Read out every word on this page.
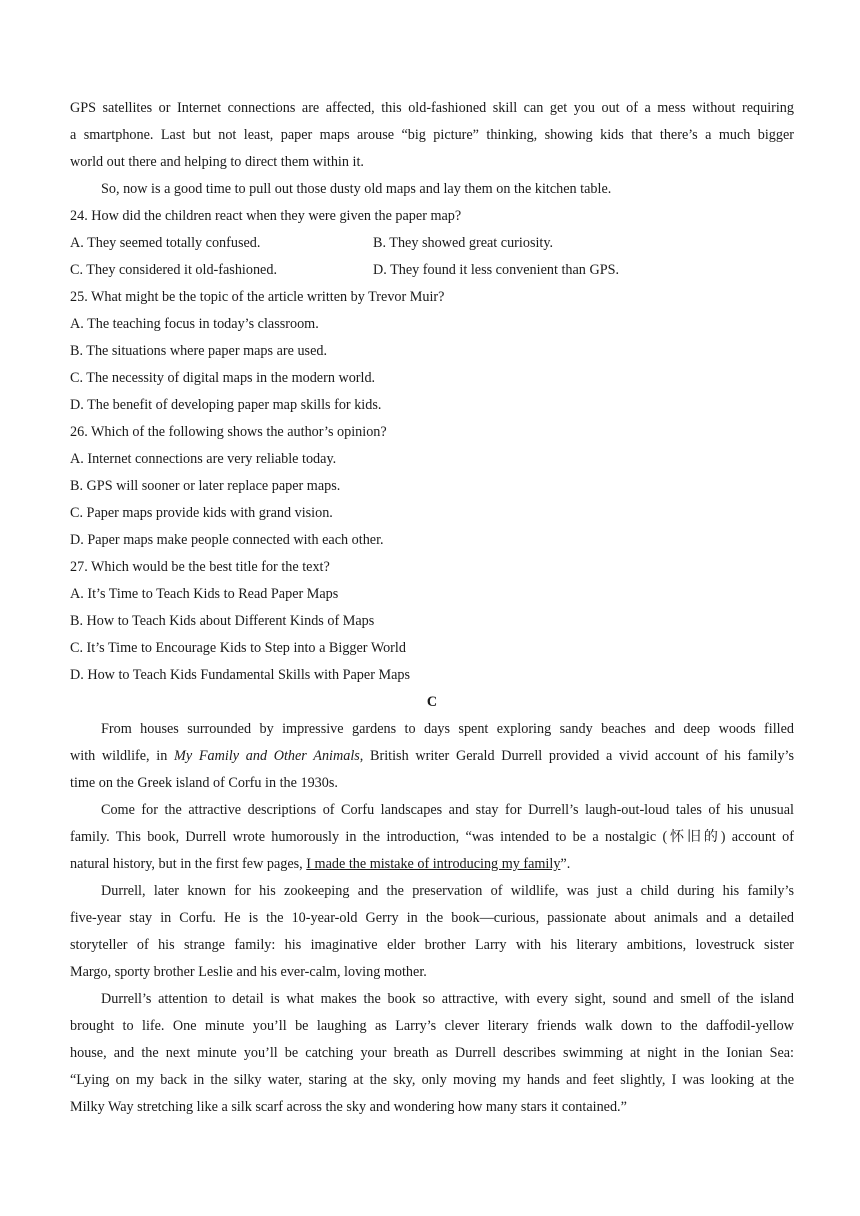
GPS satellites or Internet connections are affected, this old-fashioned skill can get you out of a mess without requiring

a smartphone. Last but not least, paper maps arouse “big picture” thinking, showing kids that there’s a much bigger

world out there and helping to direct them within it.

So, now is a good time to pull out those dusty old maps and lay them on the kitchen table.

24. How did the children react when they were given the paper map?

A. They seemed totally confused.	B. They showed great curiosity.
C. They considered it old-fashioned.	D. They found it less convenient than GPS.

25. What might be the topic of the article written by Trevor Muir?

A. The teaching focus in today’s classroom.

B. The situations where paper maps are used.

C. The necessity of digital maps in the modern world.

D. The benefit of developing paper map skills for kids.

26. Which of the following shows the author’s opinion?

A. Internet connections are very reliable today.

B. GPS will sooner or later replace paper maps.

C. Paper maps provide kids with grand vision.

D. Paper maps make people connected with each other.

27. Which would be the best title for the text?

A. It’s Time to Teach Kids to Read Paper Maps

B. How to Teach Kids about Different Kinds of Maps

C. It’s Time to Encourage Kids to Step into a Bigger World

D. How to Teach Kids Fundamental Skills with Paper Maps

C

From houses surrounded by impressive gardens to days spent exploring sandy beaches and deep woods filled

with wildlife, in My Family and Other Animals, British writer Gerald Durrell provided a vivid account of his family’s

time on the Greek island of Corfu in the 1930s.

Come for the attractive descriptions of Corfu landscapes and stay for Durrell’s laugh-out-loud tales of his unusual

family. This book, Durrell wrote humorously in the introduction, “was intended to be a nostalgic (怀旧的) account of

natural history, but in the first few pages, I made the mistake of introducing my family”.

Durrell, later known for his zookeeping and the preservation of wildlife, was just a child during his family’s

five-year stay in Corfu. He is the 10-year-old Gerry in the book—curious, passionate about animals and a detailed

storyteller of his strange family: his imaginative elder brother Larry with his literary ambitions, lovestruck sister

Margo, sporty brother Leslie and his ever-calm, loving mother.

Durrell’s attention to detail is what makes the book so attractive, with every sight, sound and smell of the island

brought to life. One minute you’ll be laughing as Larry’s clever literary friends walk down to the daffodil-yellow

house, and the next minute you’ll be catching your breath as Durrell describes swimming at night in the Ionian Sea:

“Lying on my back in the silky water, staring at the sky, only moving my hands and feet slightly, I was looking at the

Milky Way stretching like a silk scarf across the sky and wondering how many stars it contained.”
